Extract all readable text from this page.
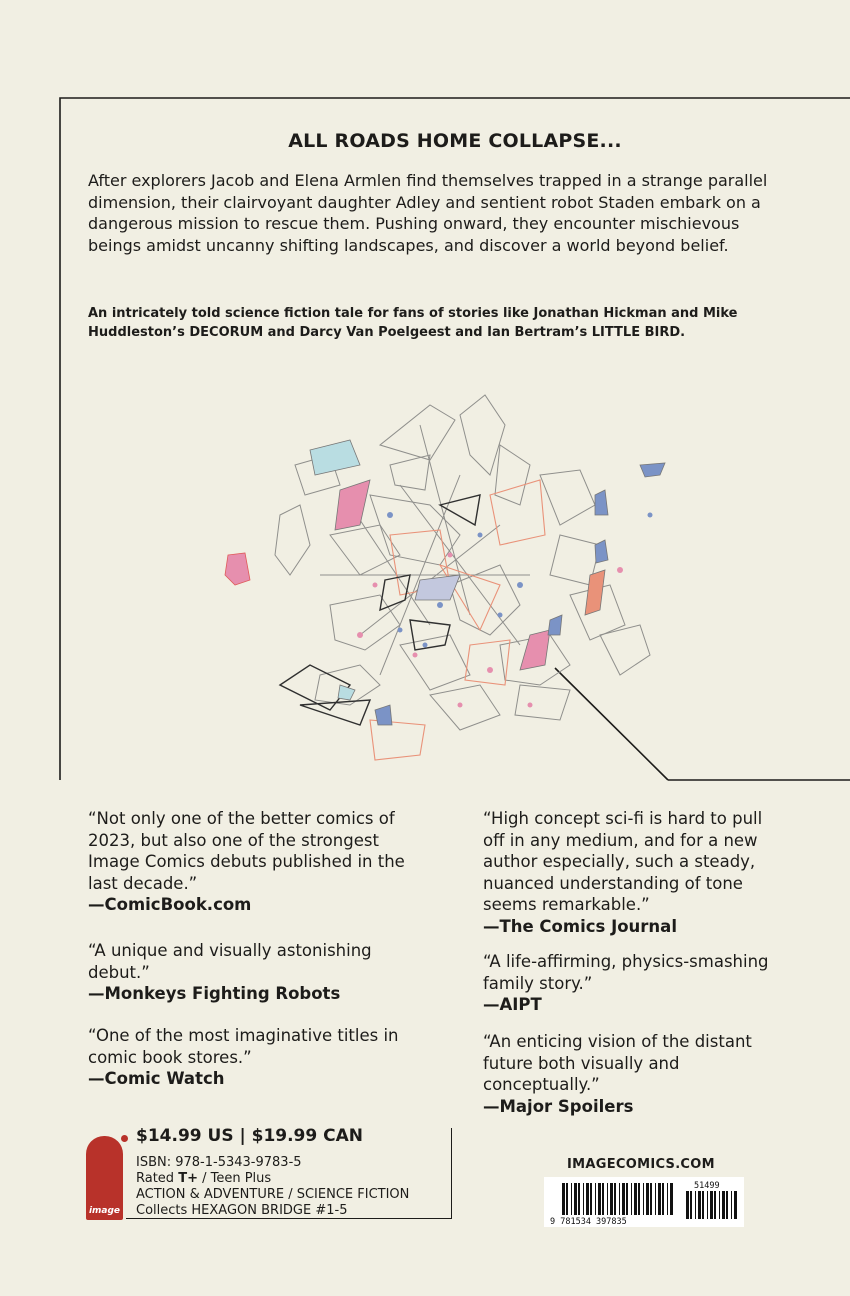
ALL ROADS HOME COLLAPSE...

After explorers Jacob and Elena Armlen find themselves trapped in a strange parallel dimension, their clairvoyant daughter Adley and sentient robot Staden embark on a dangerous mission to rescue them. Pushing onward, they encounter mischievous beings amidst uncanny shifting landscapes, and discover a world beyond belief.

An intricately told science fiction tale for fans of stories like Jonathan Hickman and Mike Huddleston’s DECORUM and Darcy Van Poelgeest and Ian Bertram’s LITTLE BIRD.

“Not only one of the better comics of 2023, but also one of the strongest Image Comics debuts published in the last decade.”

—ComicBook.com

“A unique and visually astonishing debut.”

—Monkeys Fighting Robots

“One of the most imaginative titles in comic book stores.”

—Comic Watch

“High concept sci-fi is hard to pull off in any medium, and for a new author especially, such a steady, nuanced understanding of tone seems remarkable.”

—The Comics Journal

“A life-affirming, physics-smashing family story.”

—AIPT

“An enticing vision of the distant future both visually and conceptually.”

—Major Spoilers

image
$14.99 US | $19.99 CAN
ISBN: 978-1-5343-9783-5
Rated T+ / Teen Plus
ACTION & ADVENTURE / SCIENCE FICTION
Collects HEXAGON BRIDGE #1-5
IMAGECOMICS.COM
9 781534 397835
51499
